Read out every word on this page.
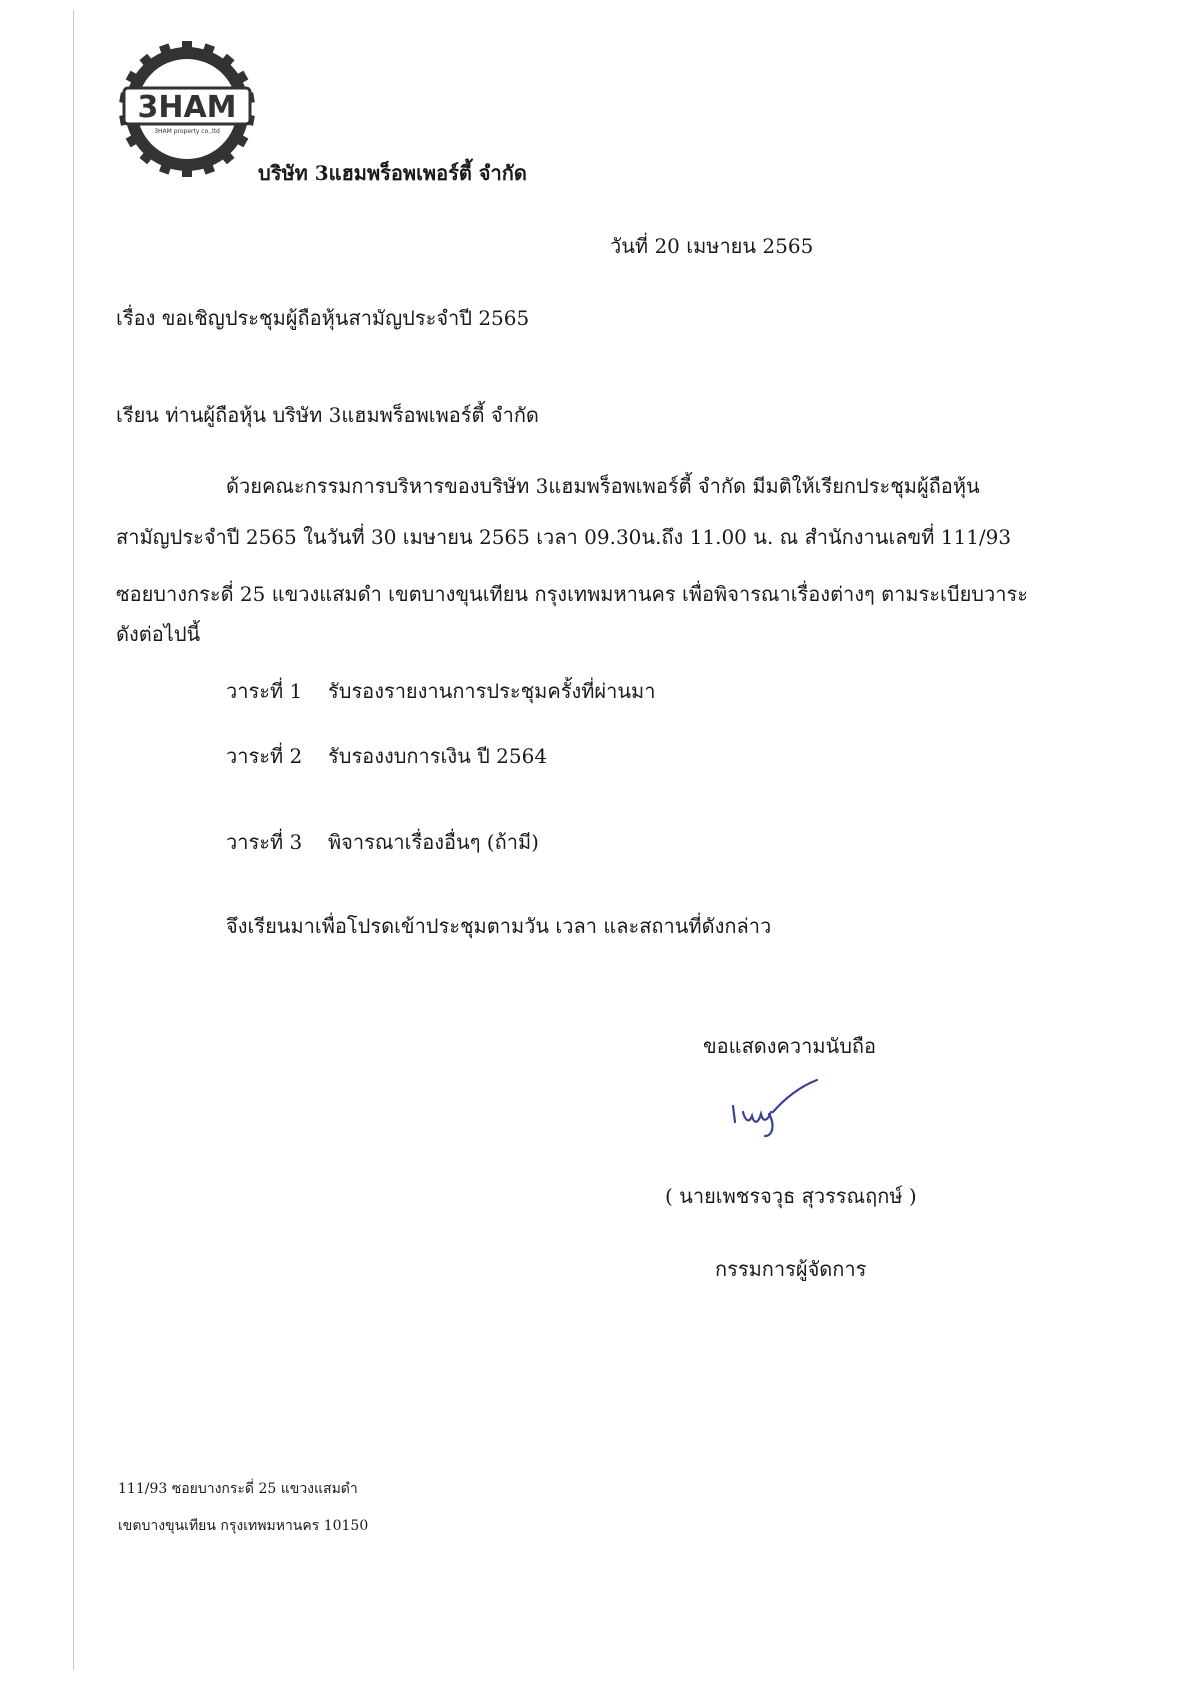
3HAM
3HAM property co.,ltd
บริษัท 3แฮมพร็อพเพอร์ตี้ จำกัด
วันที่ 20 เมษายน 2565
เรื่อง ขอเชิญประชุมผู้ถือหุ้นสามัญประจำปี 2565
เรียน ท่านผู้ถือหุ้น บริษัท 3แฮมพร็อพเพอร์ตี้ จำกัด
ด้วยคณะกรรมการบริหารของบริษัท 3แฮมพร็อพเพอร์ตี้ จำกัด มีมติให้เรียกประชุมผู้ถือหุ้น
สามัญประจำปี 2565 ในวันที่ 30 เมษายน 2565 เวลา 09.30น.ถึง 11.00 น. ณ สำนักงานเลขที่ 111/93
ซอยบางกระดี่ 25 แขวงแสมดำ เขตบางขุนเทียน กรุงเทพมหานคร เพื่อพิจารณาเรื่องต่างๆ ตามระเบียบวาระ
ดังต่อไปนี้
วาระที่ 1 รับรองรายงานการประชุมครั้งที่ผ่านมา
วาระที่ 2 รับรองงบการเงิน ปี 2564
วาระที่ 3 พิจารณาเรื่องอื่นๆ (ถ้ามี)
จึงเรียนมาเพื่อโปรดเข้าประชุมตามวัน เวลา และสถานที่ดังกล่าว
ขอแสดงความนับถือ
( นายเพชรจวุธ สุวรรณฤกษ์ )
กรรมการผู้จัดการ
111/93 ซอยบางกระดี่ 25 แขวงแสมดำ
เขตบางขุนเทียน กรุงเทพมหานคร 10150
